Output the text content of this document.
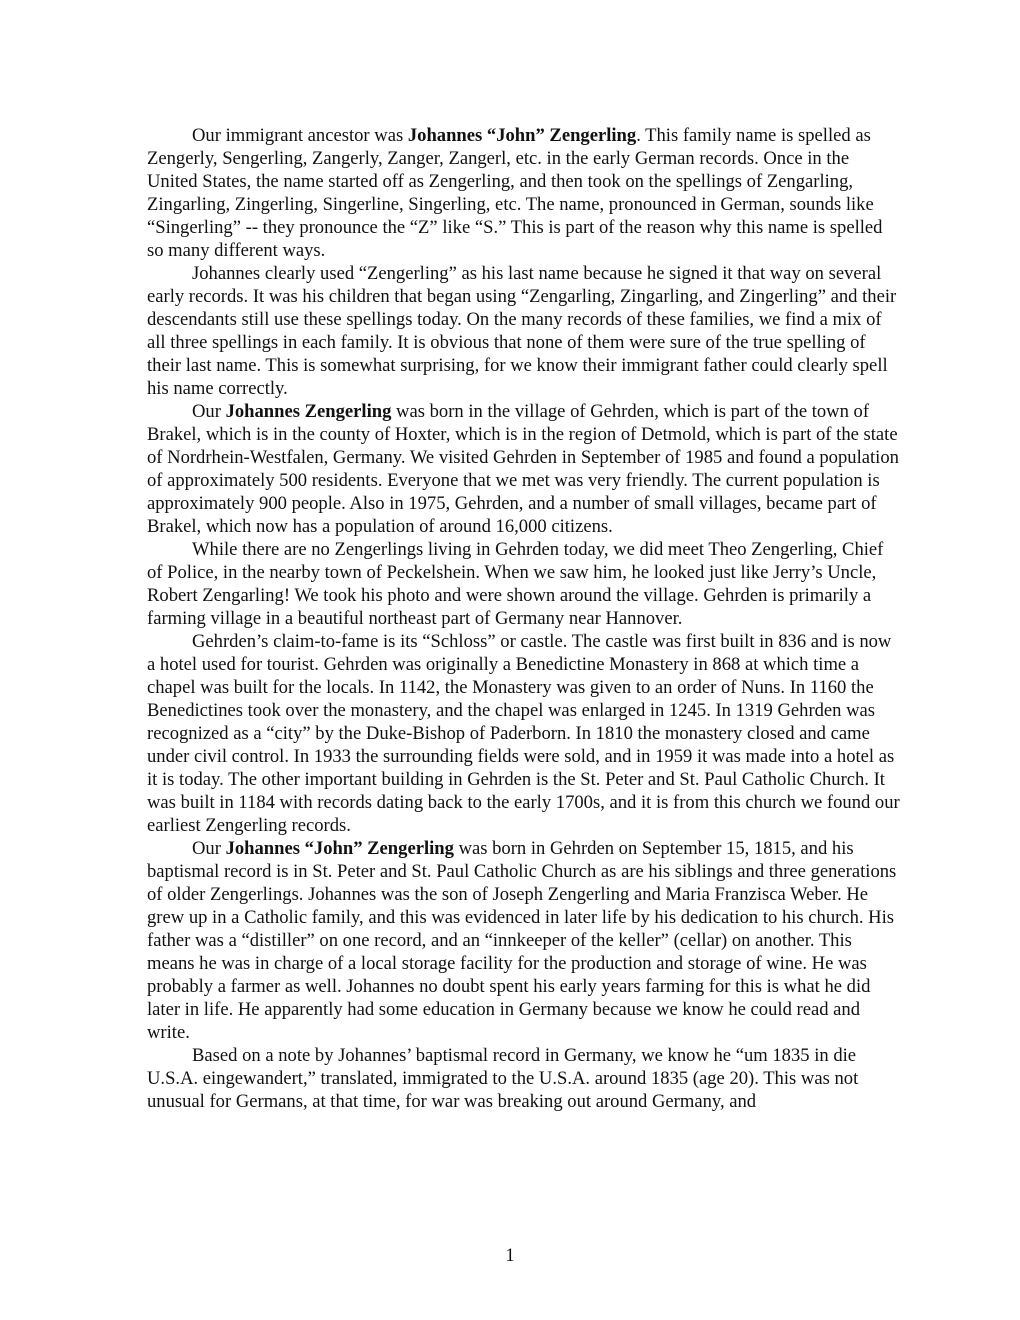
Our immigrant ancestor was Johannes “John” Zengerling. This family name is spelled as Zengerly, Sengerling, Zangerly, Zanger, Zangerl, etc. in the early German records. Once in the United States, the name started off as Zengerling, and then took on the spellings of Zengarling, Zingarling, Zingerling, Singerline, Singerling, etc. The name, pronounced in German, sounds like “Singerling” -- they pronounce the “Z” like “S.” This is part of the reason why this name is spelled so many different ways.

Johannes clearly used “Zengerling” as his last name because he signed it that way on several early records. It was his children that began using “Zengarling, Zingarling, and Zingerling” and their descendants still use these spellings today. On the many records of these families, we find a mix of all three spellings in each family. It is obvious that none of them were sure of the true spelling of their last name. This is somewhat surprising, for we know their immigrant father could clearly spell his name correctly.

Our Johannes Zengerling was born in the village of Gehrden, which is part of the town of Brakel, which is in the county of Hoxter, which is in the region of Detmold, which is part of the state of Nordrhein-Westfalen, Germany. We visited Gehrden in September of 1985 and found a population of approximately 500 residents. Everyone that we met was very friendly. The current population is approximately 900 people. Also in 1975, Gehrden, and a number of small villages, became part of Brakel, which now has a population of around 16,000 citizens.

While there are no Zengerlings living in Gehrden today, we did meet Theo Zengerling, Chief of Police, in the nearby town of Peckelshein. When we saw him, he looked just like Jerry’s Uncle, Robert Zengarling! We took his photo and were shown around the village. Gehrden is primarily a farming village in a beautiful northeast part of Germany near Hannover.

Gehrden’s claim-to-fame is its “Schloss” or castle. The castle was first built in 836 and is now a hotel used for tourist. Gehrden was originally a Benedictine Monastery in 868 at which time a chapel was built for the locals. In 1142, the Monastery was given to an order of Nuns. In 1160 the Benedictines took over the monastery, and the chapel was enlarged in 1245. In 1319 Gehrden was recognized as a “city” by the Duke-Bishop of Paderborn. In 1810 the monastery closed and came under civil control. In 1933 the surrounding fields were sold, and in 1959 it was made into a hotel as it is today. The other important building in Gehrden is the St. Peter and St. Paul Catholic Church. It was built in 1184 with records dating back to the early 1700s, and it is from this church we found our earliest Zengerling records.

Our Johannes “John” Zengerling was born in Gehrden on September 15, 1815, and his baptismal record is in St. Peter and St. Paul Catholic Church as are his siblings and three generations of older Zengerlings. Johannes was the son of Joseph Zengerling and Maria Franzisca Weber. He grew up in a Catholic family, and this was evidenced in later life by his dedication to his church. His father was a “distiller” on one record, and an “innkeeper of the keller” (cellar) on another. This means he was in charge of a local storage facility for the production and storage of wine. He was probably a farmer as well. Johannes no doubt spent his early years farming for this is what he did later in life. He apparently had some education in Germany because we know he could read and write.

Based on a note by Johannes’ baptismal record in Germany, we know he “um 1835 in die U.S.A. eingewandert,” translated, immigrated to the U.S.A. around 1835 (age 20). This was not unusual for Germans, at that time, for war was breaking out around Germany, and

1
